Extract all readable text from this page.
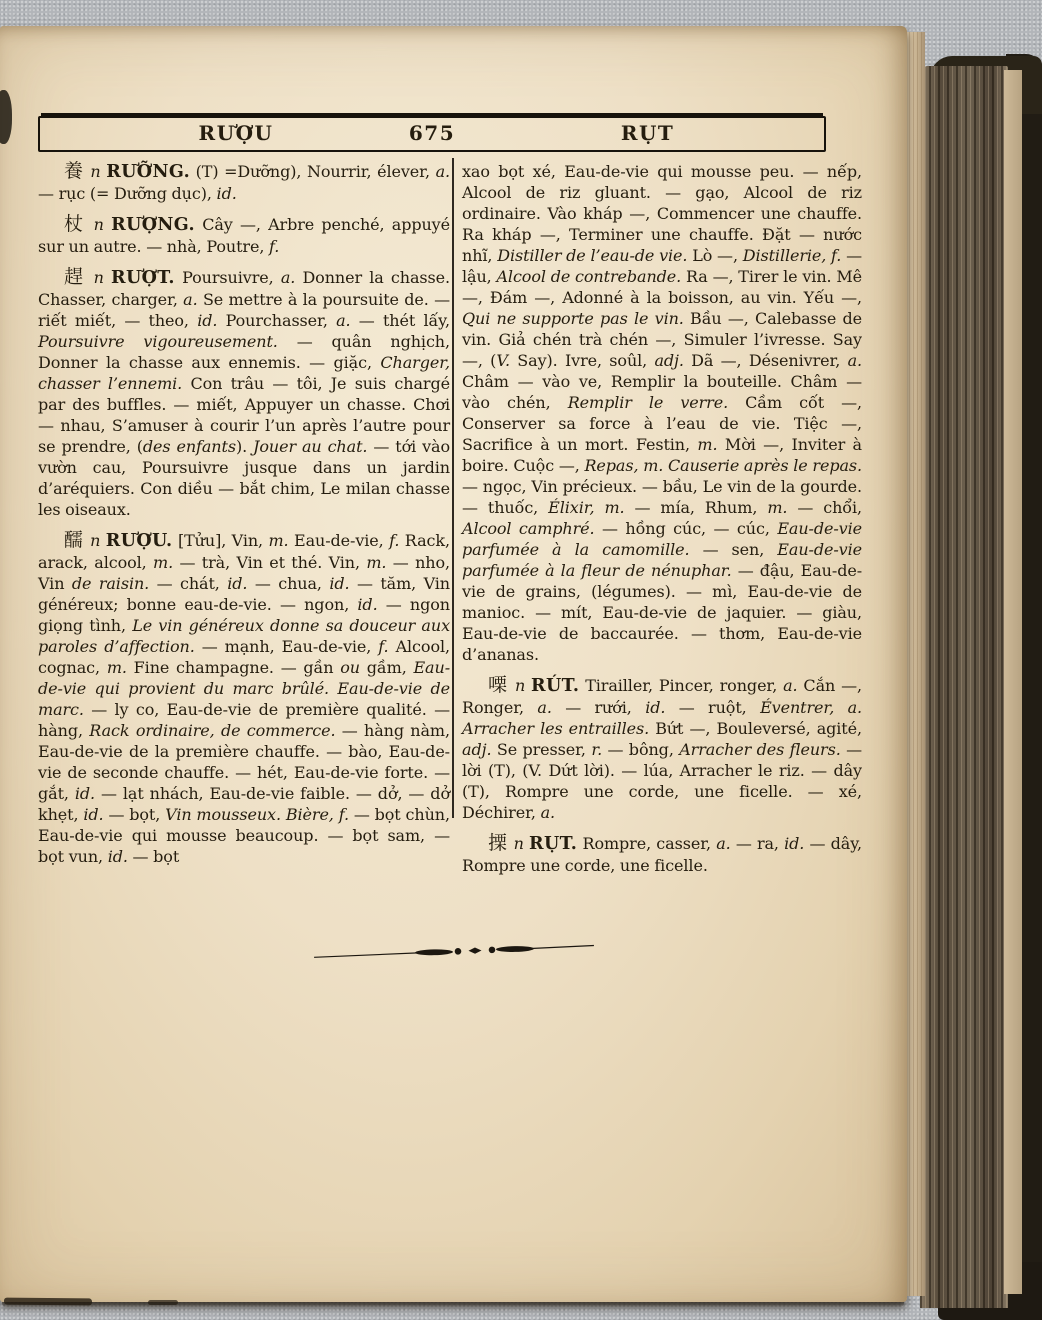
RƯỢU	675	RỤT

養 n RƯỠNG. (T) =Dưỡng), Nourrir, élever, a. — rục (= Dưỡng dục), id.

杖 n RƯỢNG. Cây —, Arbre penché, appuyé sur un autre. — nhà, Poutre, f.

趕 n RƯỢT. Poursuivre, a. Donner la chasse. Chasser, charger, a. Se mettre à la poursuite de. — riết miết, — theo, id. Pourchasser, a. — thét lấy, Poursuivre vigoureusement. — quân nghịch, Donner la chasse aux ennemis. — giặc, Charger, chasser l’ennemi. Con trâu — tôi, Je suis chargé par des buffles. — miết, Appuyer un chasse. Chơi — nhau, S’amuser à courir l’un après l’autre pour se prendre, (des enfants). Jouer au chat. — tới vào vườn cau, Poursuivre jusque dans un jardin d’aréquiers. Con diều — bắt chim, Le milan chasse les oiseaux.

醹 n RƯỢU. [Tửu], Vin, m. Eau-de-vie, f. Rack, arack, alcool, m. — trà, Vin et thé. Vin, m. — nho, Vin de raisin. — chát, id. — chua, id. — tăm, Vin généreux; bonne eau-de-vie. — ngon, id. — ngon giọng tình, Le vin généreux donne sa douceur aux paroles d’affection. — mạnh, Eau-de-vie, f. Alcool, cognac, m. Fine champagne. — gần ou gầm, Eau-de-vie qui provient du marc brûlé. Eau-de-vie de marc. — ly co, Eau-de-vie de première qualité. — hàng, Rack ordinaire, de commerce. — hàng nàm, Eau-de-vie de la première chauffe. — bào, Eau-de-vie de seconde chauffe. — hét, Eau-de-vie forte. — gắt, id. — lạt nhách, Eau-de-vie faible. — dở, — dở khẹt, id. — bọt, Vin mousseux. Bière, f. — bọt chùn, Eau-de-vie qui mousse beaucoup. — bọt sam, — bọt vun, id. — bọt

xao bọt xé, Eau-de-vie qui mousse peu. — nếp, Alcool de riz gluant. — gạo, Alcool de riz ordinaire. Vào kháp —, Commencer une chauffe. Ra kháp —, Terminer une chauffe. Đặt — nước nhĩ, Distiller de l’eau-de vie. Lò —, Distillerie, f. — lậu, Alcool de contrebande. Ra —, Tirer le vin. Mê —, Đám —, Adonné à la boisson, au vin. Yếu —, Qui ne supporte pas le vin. Bầu —, Calebasse de vin. Giả chén trà chén —, Simuler l’ivresse. Say —, (V. Say). Ivre, soûl, adj. Dã —, Désenivrer, a. Châm — vào ve, Remplir la bouteille. Châm — vào chén, Remplir le verre. Cầm cốt —, Conserver sa force à l’eau de vie. Tiệc —, Sacrifice à un mort. Festin, m. Mời —, Inviter à boire. Cuộc —, Repas, m. Causerie après le repas. — ngọc, Vin précieux. — bầu, Le vin de la gourde. — thuốc, Élixir, m. — mía, Rhum, m. — chổi, Alcool camphré. — hồng cúc, — cúc, Eau-de-vie parfumée à la camomille. — sen, Eau-de-vie parfumée à la fleur de nénuphar. — đậu, Eau-de-vie de grains, (légumes). — mì, Eau-de-vie de manioc. — mít, Eau-de-vie de jaquier. — giàu, Eau-de-vie de baccaurée. — thơm, Eau-de-vie d’ananas.

㗚 n RÚT. Tirailler, Pincer, ronger, a. Cắn —, Ronger, a. — rưới, id. — ruột, Éventrer, a. Arracher les entrailles. Bứt —, Bouleversé, agité, adj. Se presser, r. — bông, Arracher des fleurs. — lời (T), (V. Dứt lời). — lúa, Arracher le riz. — dây (T), Rompre une corde, une ficelle. — xé, Déchirer, a.

搮 n RỤT. Rompre, casser, a. — ra, id. — dây, Rompre une corde, une ficelle.
